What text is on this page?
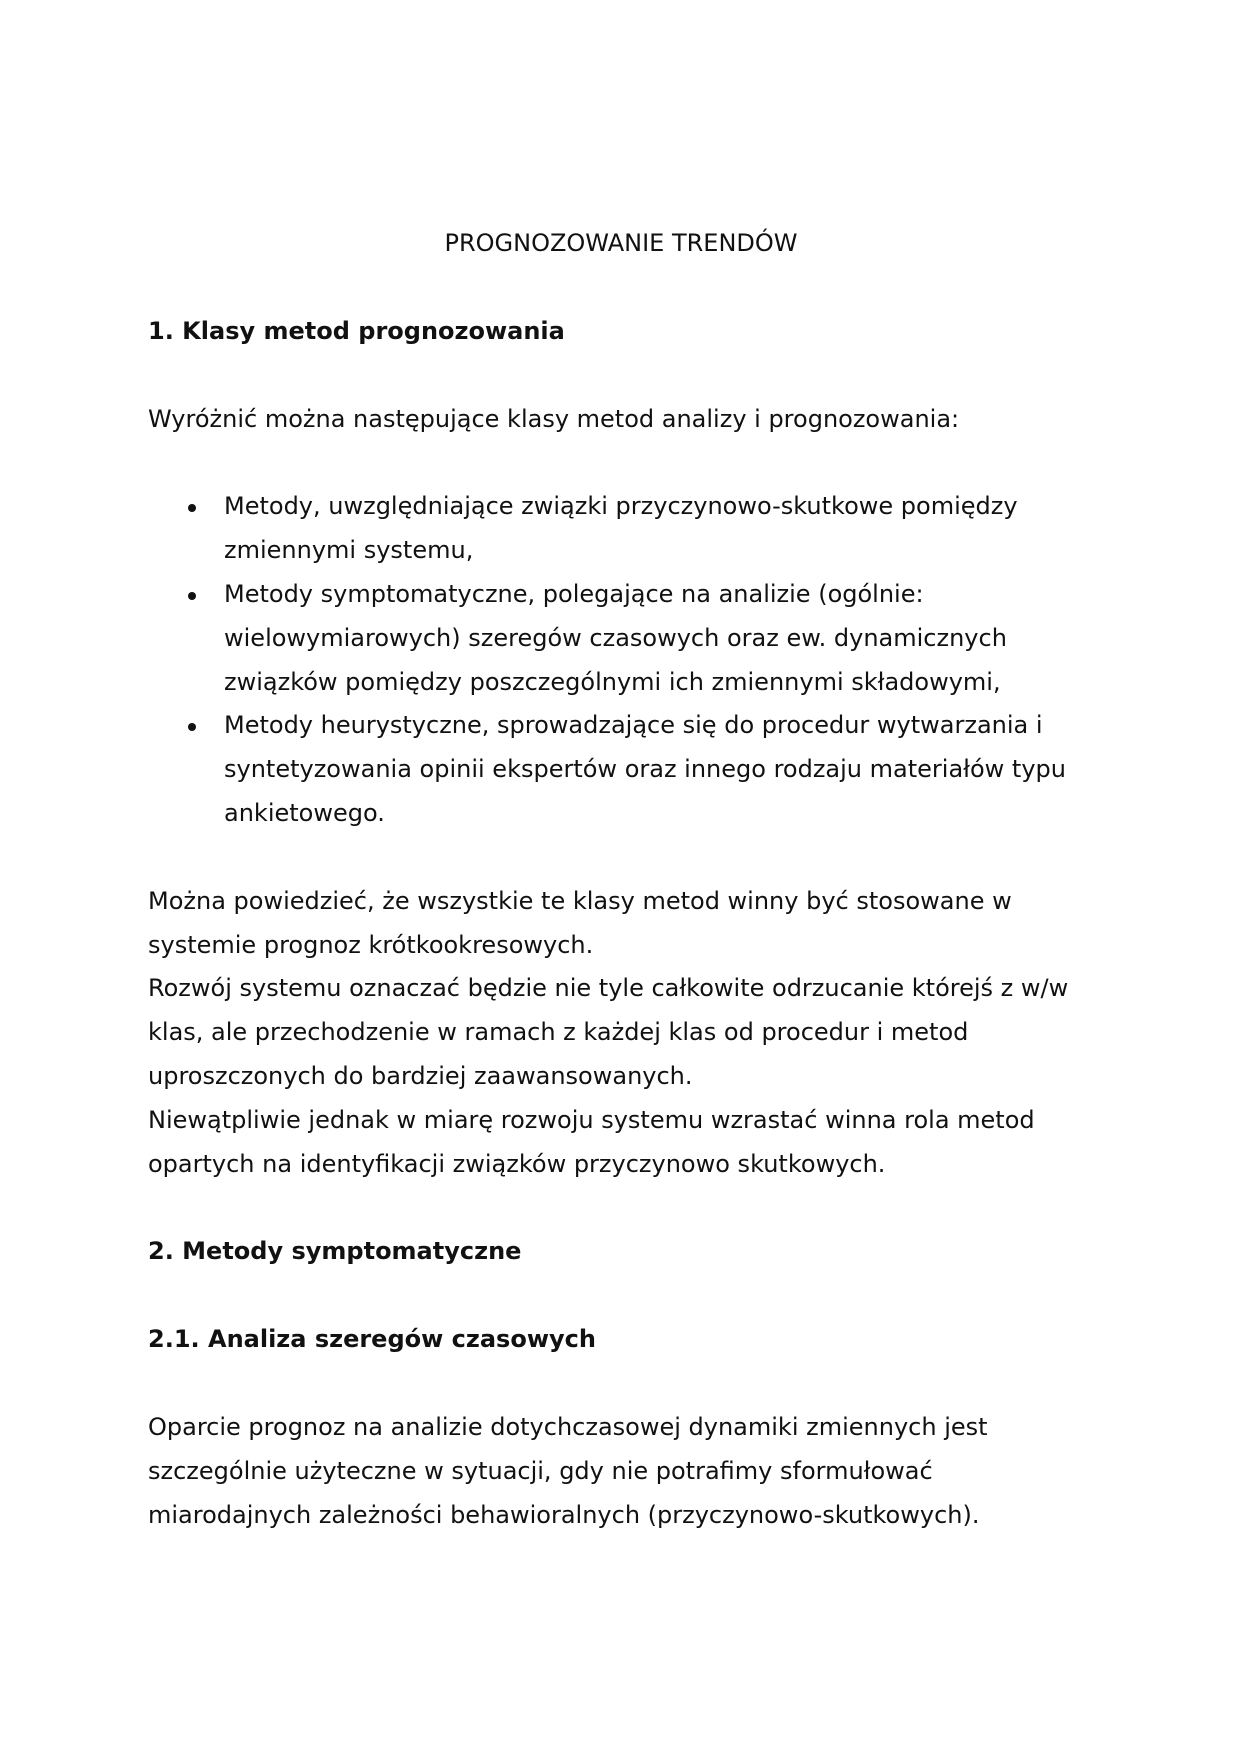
PROGNOZOWANIE TRENDÓW
1. Klasy metod prognozowania
Wyróżnić można następujące klasy metod analizy i prognozowania:
Metody, uwzględniające związki przyczynowo-skutkowe pomiędzy zmiennymi systemu,
Metody symptomatyczne, polegające na analizie (ogólnie: wielowymiarowych) szeregów czasowych oraz ew. dynamicznych związków pomiędzy poszczególnymi ich zmiennymi składowymi,
Metody heurystyczne, sprowadzające się do procedur wytwarzania i syntetyzowania opinii ekspertów oraz innego rodzaju materiałów typu ankietowego.
Można powiedzieć, że wszystkie te klasy metod winny być stosowane w systemie prognoz krótkookresowych.
Rozwój systemu oznaczać będzie nie tyle całkowite odrzucanie którejś z w/w klas, ale przechodzenie w ramach z każdej klas od procedur i metod uproszczonych do bardziej zaawansowanych.
Niewątpliwie jednak w miarę rozwoju systemu wzrastać winna rola metod opartych na identyfikacji związków przyczynowo skutkowych.
2. Metody symptomatyczne
2.1. Analiza szeregów czasowych
Oparcie prognoz na analizie dotychczasowej dynamiki zmiennych jest szczególnie użyteczne w sytuacji, gdy nie potrafimy sformułować miarodajnych zależności behawioralnych (przyczynowo-skutkowych).
